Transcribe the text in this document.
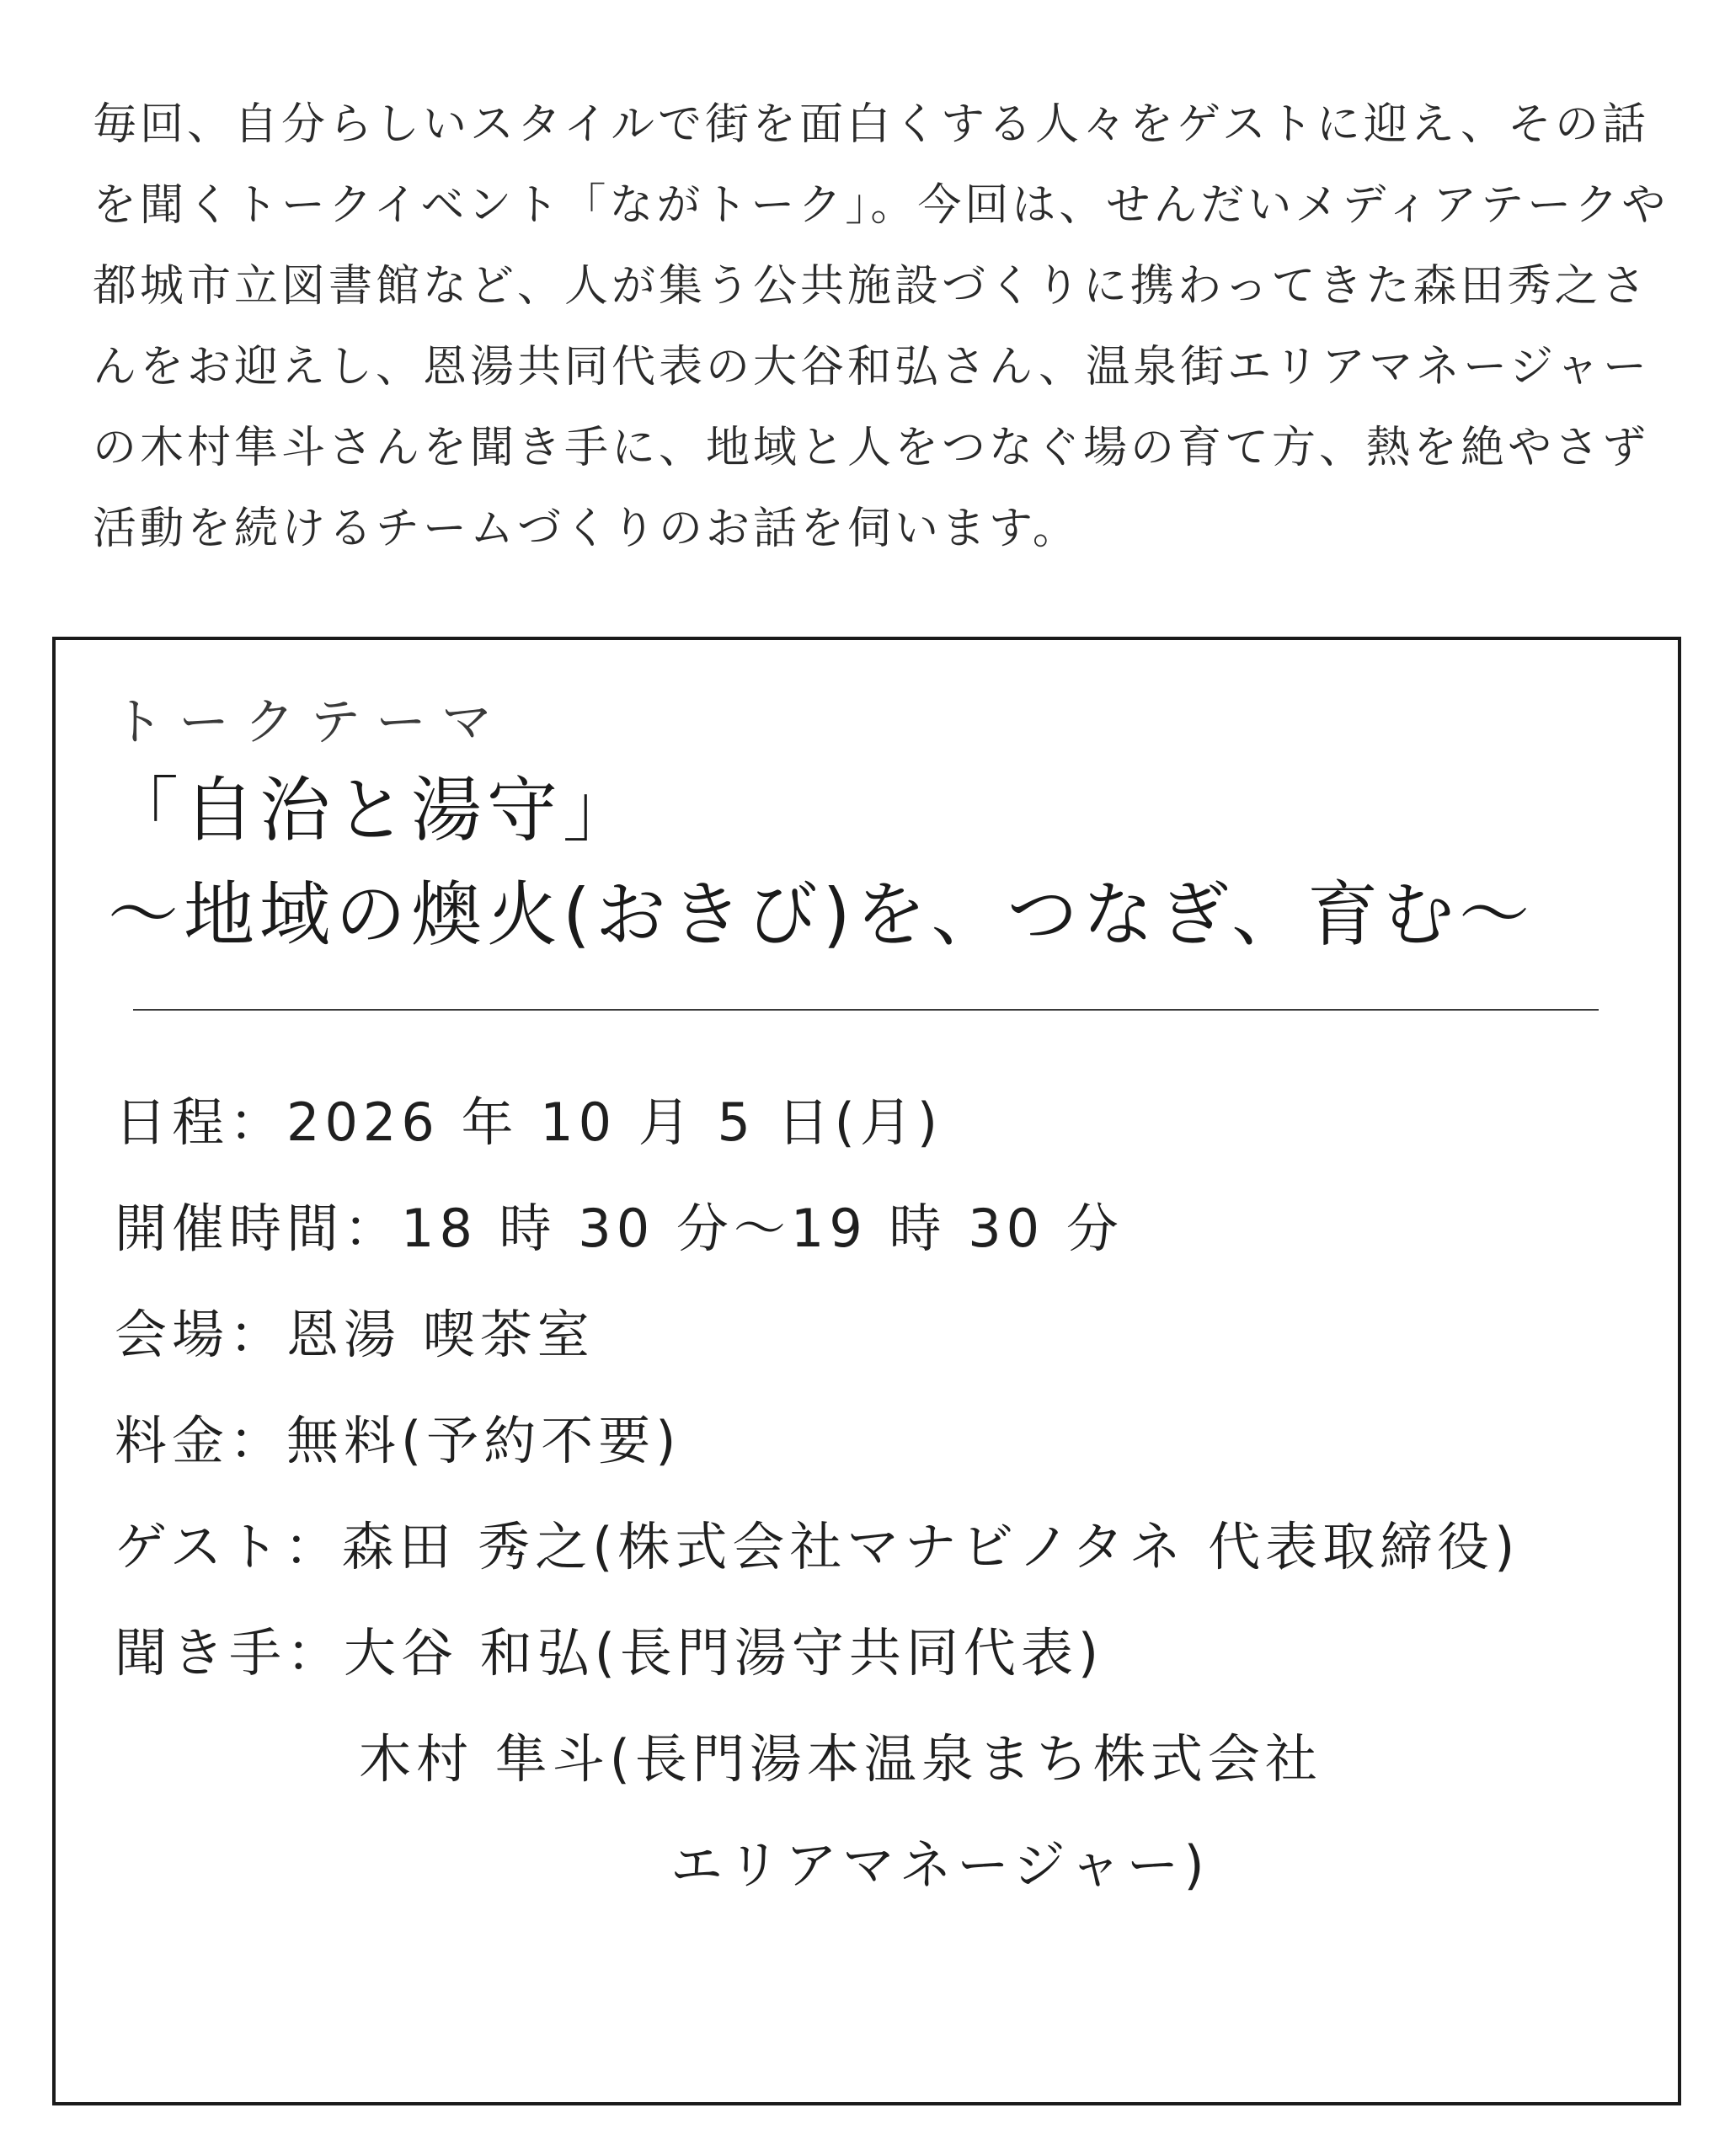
毎回、自分らしいスタイルで街を面白くする人々をゲストに迎え、その話
を聞くトークイベント「ながトーク」。今回は、せんだいメディアテークや
都城市立図書館など、人が集う公共施設づくりに携わってきた森田秀之さ
んをお迎えし、恩湯共同代表の大谷和弘さん、温泉街エリアマネージャー
の木村隼斗さんを聞き手に、地域と人をつなぐ場の育て方、熱を絶やさず
活動を続けるチームづくりのお話を伺います。
トークテーマ
「自治と湯守」
〜地域の燠火(おきび)を、つなぎ、育む〜
日程：2026 年 10 月 5 日(月)
開催時間：18 時 30 分〜19 時 30 分
会場：恩湯 喫茶室
料金：無料(予約不要)
ゲスト：森田 秀之(株式会社マナビノタネ 代表取締役)
聞き手：大谷 和弘(長門湯守共同代表)
木村 隼斗(長門湯本温泉まち株式会社
エリアマネージャー)
